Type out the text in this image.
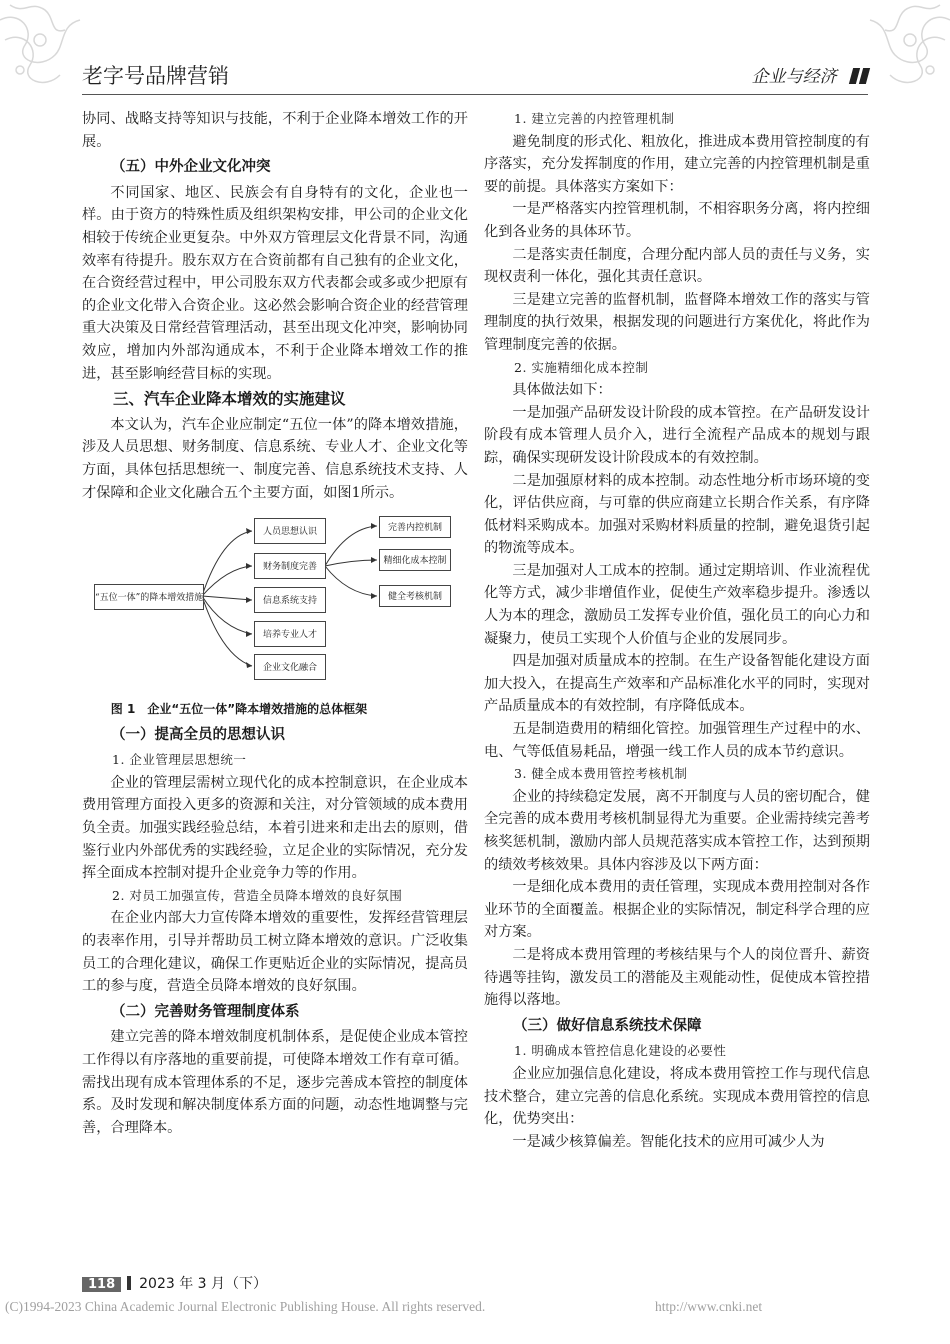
老字号品牌营销	企业与经济

协同、战略支持等知识与技能，不利于企业降本增效工作的开展。

（五）中外企业文化冲突

不同国家、地区、民族会有自身特有的文化，企业也一样。由于资方的特殊性质及组织架构安排，甲公司的企业文化相较于传统企业更复杂。中外双方管理层文化背景不同，沟通效率有待提升。股东双方在合资前都有自己独有的企业文化，在合资经营过程中，甲公司股东双方代表都会或多或少把原有的企业文化带入合资企业。这必然会影响合资企业的经营管理重大决策及日常经营管理活动，甚至出现文化冲突，影响协同效应，增加内外部沟通成本，不利于企业降本增效工作的推进，甚至影响经营目标的实现。

三、汽车企业降本增效的实施建议

本文认为，汽车企业应制定“五位一体”的降本增效措施，涉及人员思想、财务制度、信息系统、专业人才、企业文化等方面，具体包括思想统一、制度完善、信息系统技术支持、人才保障和企业文化融合五个主要方面，如图1所示。

“五位一体”的降本增效措施
人员思想认识
财务制度完善
信息系统支持
培养专业人才
企业文化融合
完善内控机制
精细化成本控制
健全考核机制
图 1　企业“五位一体”降本增效措施的总体框架
（一）提高全员的思想认识
1. 企业管理层思想统一

企业的管理层需树立现代化的成本控制意识，在企业成本费用管理方面投入更多的资源和关注，对分管领域的成本费用负全责。加强实践经验总结，本着引进来和走出去的原则，借鉴行业内外部优秀的实践经验，立足企业的实际情况，充分发挥全面成本控制对提升企业竞争力等的作用。

2. 对员工加强宣传，营造全员降本增效的良好氛围

在企业内部大力宣传降本增效的重要性，发挥经营管理层的表率作用，引导并帮助员工树立降本增效的意识。广泛收集员工的合理化建议，确保工作更贴近企业的实际情况，提高员工的参与度，营造全员降本增效的良好氛围。

（二）完善财务管理制度体系

建立完善的降本增效制度机制体系，是促使企业成本管控工作得以有序落地的重要前提，可使降本增效工作有章可循。需找出现有成本管理体系的不足，逐步完善成本管控的制度体系。及时发现和解决制度体系方面的问题，动态性地调整与完善，合理降本。

1. 建立完善的内控管理机制

避免制度的形式化、粗放化，推进成本费用管控制度的有序落实，充分发挥制度的作用，建立完善的内控管理机制是重要的前提。具体落实方案如下：

一是严格落实内控管理机制，不相容职务分离，将内控细化到各业务的具体环节。

二是落实责任制度，合理分配内部人员的责任与义务，实现权责利一体化，强化其责任意识。

三是建立完善的监督机制，监督降本增效工作的落实与管理制度的执行效果，根据发现的问题进行方案优化，将此作为管理制度完善的依据。

2. 实施精细化成本控制

具体做法如下：

一是加强产品研发设计阶段的成本管控。在产品研发设计阶段有成本管理人员介入，进行全流程产品成本的规划与跟踪，确保实现研发设计阶段成本的有效控制。

二是加强原材料的成本控制。动态性地分析市场环境的变化，评估供应商，与可靠的供应商建立长期合作关系，有序降低材料采购成本。加强对采购材料质量的控制，避免退货引起的物流等成本。

三是加强对人工成本的控制。通过定期培训、作业流程优化等方式，减少非增值作业，促使生产效率稳步提升。渗透以人为本的理念，激励员工发挥专业价值，强化员工的向心力和凝聚力，使员工实现个人价值与企业的发展同步。

四是加强对质量成本的控制。在生产设备智能化建设方面加大投入，在提高生产效率和产品标准化水平的同时，实现对产品质量成本的有效控制，有序降低成本。

五是制造费用的精细化管控。加强管理生产过程中的水、电、气等低值易耗品，增强一线工作人员的成本节约意识。

3. 健全成本费用管控考核机制

企业的持续稳定发展，离不开制度与人员的密切配合，健全完善的成本费用考核机制显得尤为重要。企业需持续完善考核奖惩机制，激励内部人员规范落实成本管控工作，达到预期的绩效考核效果。具体内容涉及以下两方面：

一是细化成本费用的责任管理，实现成本费用控制对各作业环节的全面覆盖。根据企业的实际情况，制定科学合理的应对方案。

二是将成本费用管理的考核结果与个人的岗位晋升、薪资待遇等挂钩，激发员工的潜能及主观能动性，促使成本管控措施得以落地。

（三）做好信息系统技术保障
1. 明确成本管控信息化建设的必要性

企业应加强信息化建设，将成本费用管控工作与现代信息技术整合，建立完善的信息化系统。实现成本费用管控的信息化，优势突出：

一是减少核算偏差。智能化技术的应用可减少人为

118 2023 年 3 月（下）
(C)1994-2023 China Academic Journal Electronic Publishing House. All rights reserved.	http://www.cnki.net
